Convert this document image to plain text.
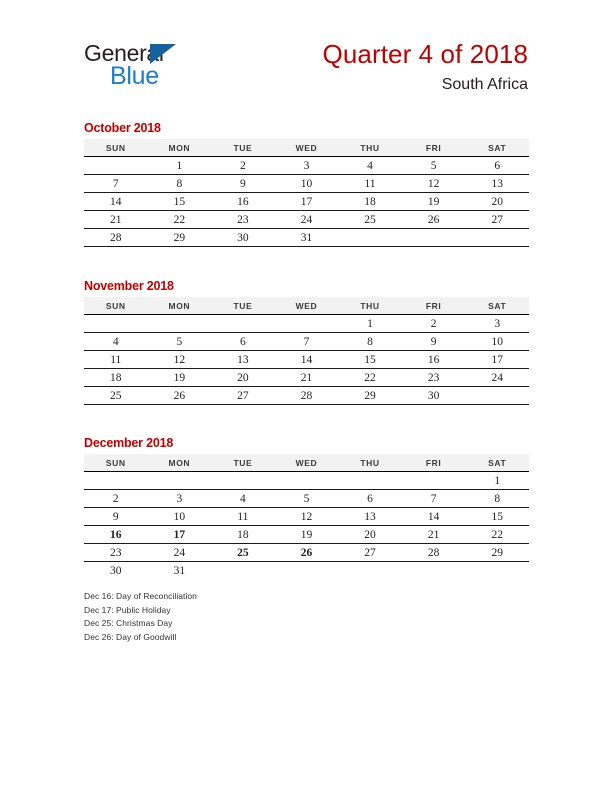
General
Blue
Quarter 4 of 2018
South Africa
October 2018
SUN	MON	TUE	WED	THU	FRI	SAT
	1	2	3	4	5	6
7	8	9	10	11	12	13
14	15	16	17	18	19	20
21	22	23	24	25	26	27
28	29	30	31			
November 2018
SUN	MON	TUE	WED	THU	FRI	SAT
				1	2	3
4	5	6	7	8	9	10
11	12	13	14	15	16	17
18	19	20	21	22	23	24
25	26	27	28	29	30	
December 2018
SUN	MON	TUE	WED	THU	FRI	SAT
						1
2	3	4	5	6	7	8
9	10	11	12	13	14	15
16	17	18	19	20	21	22
23	24	25	26	27	28	29
30	31					
Dec 16: Day of Reconciliation
Dec 17: Public Holiday
Dec 25: Christmas Day
Dec 26: Day of Goodwill
